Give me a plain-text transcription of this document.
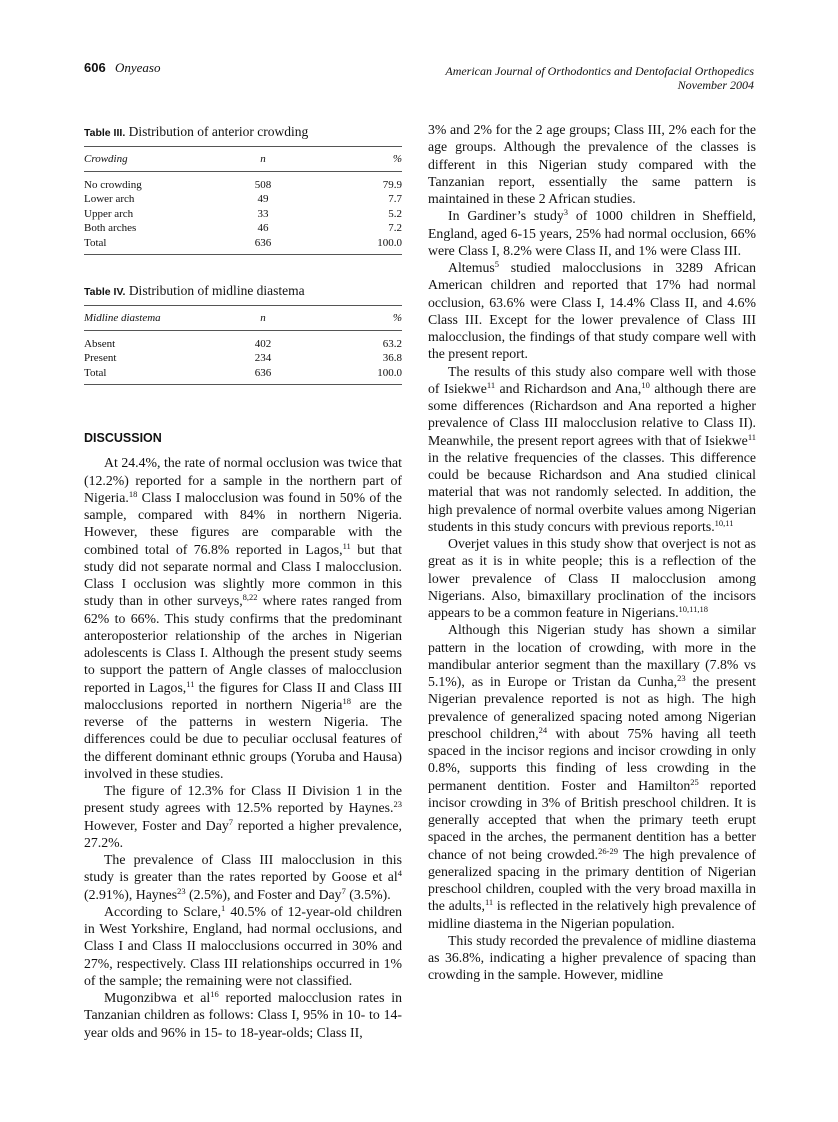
606 Onyeaso	American Journal of Orthodontics and Dentofacial Orthopedics
November 2004
Table III. Distribution of anterior crowding
Crowding	n	%
No crowding	508	79.9
Lower arch	49	7.7
Upper arch	33	5.2
Both arches	46	7.2
Total	636	100.0
Table IV. Distribution of midline diastema
Midline diastema	n	%
Absent	402	63.2
Present	234	36.8
Total	636	100.0
DISCUSSION

At 24.4%, the rate of normal occlusion was twice that (12.2%) reported for a sample in the northern part of Nigeria.$^{18}$ Class I malocclusion was found in 50% of the sample, compared with 84% in northern Nigeria. However, these figures are comparable with the combined total of 76.8% reported in Lagos,$^{11}$ but that study did not separate normal and Class I malocclusion. Class I occlusion was slightly more common in this study than in other surveys,$^{8,22}$ where rates ranged from 62% to 66%. This study confirms that the predominant anteroposterior relationship of the arches in Nigerian adolescents is Class I. Although the present study seems to support the pattern of Angle classes of malocclusion reported in Lagos,$^{11}$ the figures for Class II and Class III malocclusions reported in northern Nigeria$^{18}$ are the reverse of the patterns in western Nigeria. The differences could be due to peculiar occlusal features of the different dominant ethnic groups (Yoruba and Hausa) involved in these studies.

The figure of 12.3% for Class II Division 1 in the present study agrees with 12.5% reported by Haynes.$^{23}$ However, Foster and Day$^7$ reported a higher prevalence, 27.2%.

The prevalence of Class III malocclusion in this study is greater than the rates reported by Goose et $al^4$ (2.91%), Haynes$^{23}$ (2.5%), and Foster and Day$^7$ (3.5%).

According to Sclare,$^1$ 40.5% of 12-year-old children in West Yorkshire, England, had normal occlusions, and Class I and Class II malocclusions occurred in 30% and 27%, respectively. Class III relationships occurred in 1% of the sample; the remaining were not classified.

Mugonzibwa et $al^{16}$ reported malocclusion rates in Tanzanian children as follows: Class I, 95% in 10- to 14-year olds and 96% in 15- to 18-year-olds; Class II,

3% and 2% for the 2 age groups; Class III, 2% each for the age groups. Although the prevalence of the classes is different in this Nigerian study compared with the Tanzanian report, essentially the same pattern is maintained in these 2 African studies.

In Gardiner’s study$^3$ of 1000 children in Sheffield, England, aged 6-15 years, 25% had normal occlusion, 66% were Class I, 8.2% were Class II, and 1% were Class III.

Altemus$^5$ studied malocclusions in 3289 African American children and reported that 17% had normal occlusion, 63.6% were Class I, 14.4% Class II, and 4.6% Class III. Except for the lower prevalence of Class III malocclusion, the findings of that study compare well with the present report.

The results of this study also compare well with those of Isiekwe$^{11}$ and Richardson and Ana,$^{10}$ although there are some differences (Richardson and Ana reported a higher prevalence of Class III malocclusion relative to Class II). Meanwhile, the present report agrees with that of Isiekwe$^{11}$ in the relative frequencies of the classes. This difference could be because Richardson and Ana studied clinical material that was not randomly selected. In addition, the high prevalence of normal overbite values among Nigerian students in this study concurs with previous reports.$^{10,11}$

Overjet values in this study show that overject is not as great as it is in white people; this is a reflection of the lower prevalence of Class II malocclusion among Nigerians. Also, bimaxillary proclination of the incisors appears to be a common feature in Nigerians.$^{10,11,18}$

Although this Nigerian study has shown a similar pattern in the location of crowding, with more in the mandibular anterior segment than the maxillary (7.8% vs 5.1%), as in Europe or Tristan da Cunha,$^{23}$ the present Nigerian prevalence reported is not as high. The high prevalence of generalized spacing noted among Nigerian preschool children,$^{24}$ with about 75% having all teeth spaced in the incisor regions and incisor crowding in only 0.8%, supports this finding of less crowding in the permanent dentition. Foster and Hamilton$^{25}$ reported incisor crowding in 3% of British preschool children. It is generally accepted that when the primary teeth erupt spaced in the arches, the permanent dentition has a better chance of not being crowded.$^{26-29}$ The high prevalence of generalized spacing in the primary dentition of Nigerian preschool children, coupled with the very broad maxilla in the adults,$^{11}$ is reflected in the relatively high prevalence of midline diastema in the Nigerian population.

This study recorded the prevalence of midline diastema as 36.8%, indicating a higher prevalence of spacing than crowding in the sample. However, midline
